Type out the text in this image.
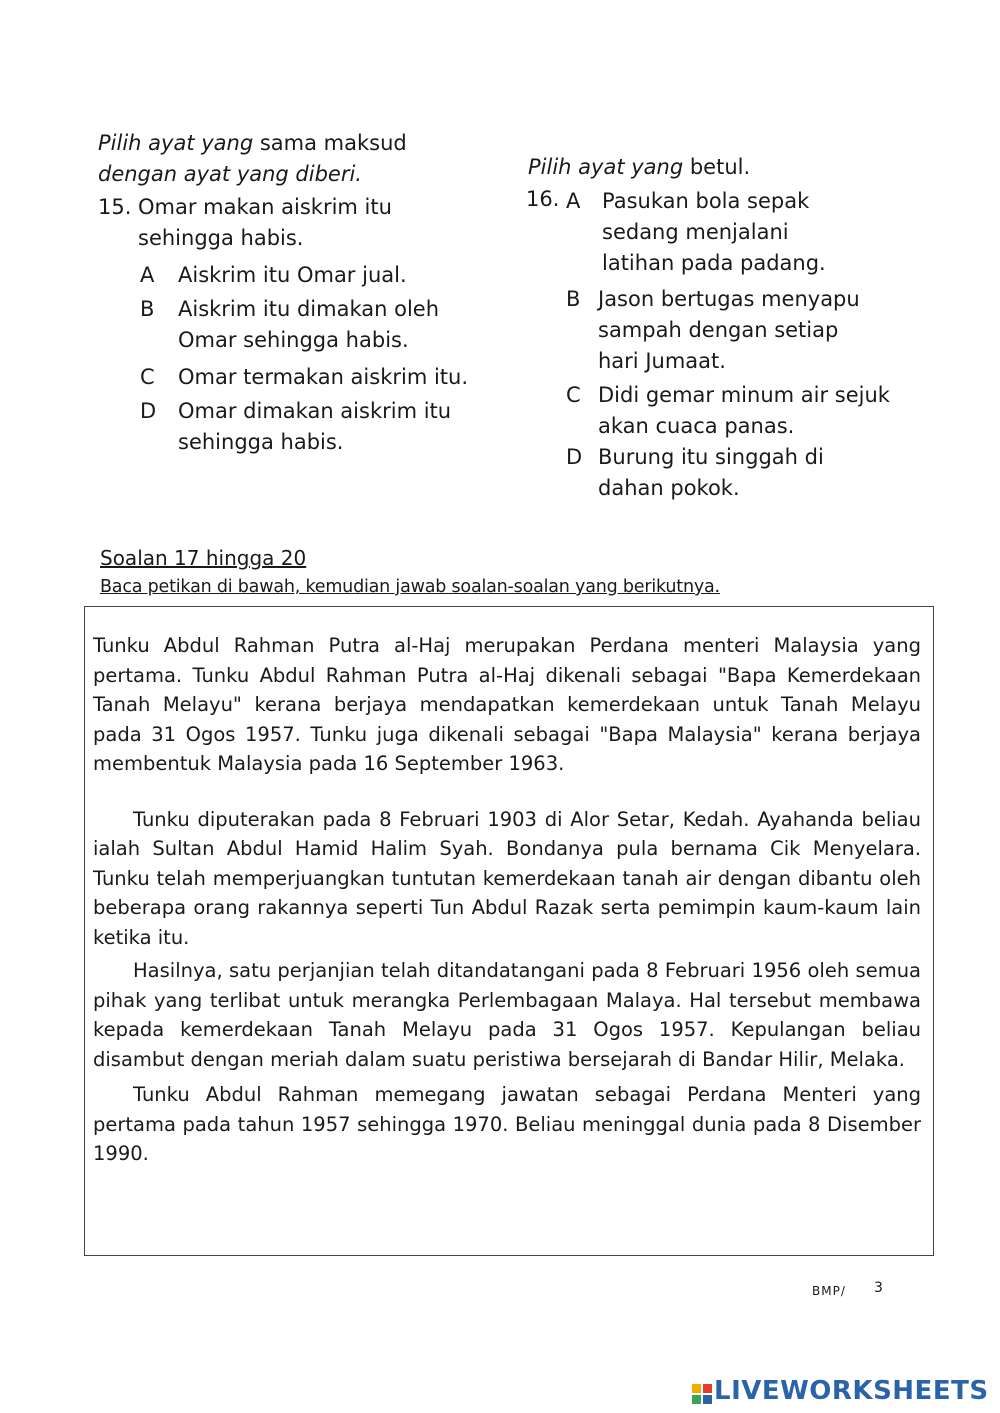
Pilih ayat yang sama maksud
dengan ayat yang diberi.
15. Omar makan aiskrim itu
sehingga habis.
A Aiskrim itu Omar jual.
B Aiskrim itu dimakan oleh
Omar sehingga habis.
C Omar termakan aiskrim itu.
D Omar dimakan aiskrim itu
sehingga habis.
Pilih ayat yang betul.
16. A Pasukan bola sepak
sedang menjalani
latihan pada padang.
B Jason bertugas menyapu
sampah dengan setiap
hari Jumaat.
C Didi gemar minum air sejuk
akan cuaca panas.
D Burung itu singgah di
dahan pokok.
Soalan 17 hingga 20
Baca petikan di bawah, kemudian jawab soalan-soalan yang berikutnya.

Tunku Abdul Rahman Putra al-Haj merupakan Perdana menteri Malaysia yang pertama. Tunku Abdul Rahman Putra al-Haj dikenali sebagai "Bapa Kemerdekaan Tanah Melayu" kerana berjaya mendapatkan kemerdekaan untuk Tanah Melayu pada 31 Ogos 1957. Tunku juga dikenali sebagai "Bapa Malaysia" kerana berjaya membentuk Malaysia pada 16 September 1963.

Tunku diputerakan pada 8 Februari 1903 di Alor Setar, Kedah. Ayahanda beliau ialah Sultan Abdul Hamid Halim Syah. Bondanya pula bernama Cik Menyelara. Tunku telah memperjuangkan tuntutan kemerdekaan tanah air dengan dibantu oleh beberapa orang rakannya seperti Tun Abdul Razak serta pemimpin kaum-kaum lain ketika itu.

Hasilnya, satu perjanjian telah ditandatangani pada 8 Februari 1956 oleh semua pihak yang terlibat untuk merangka Perlembagaan Malaya. Hal tersebut membawa kepada kemerdekaan Tanah Melayu pada 31 Ogos 1957. Kepulangan beliau disambut dengan meriah dalam suatu peristiwa bersejarah di Bandar Hilir, Melaka.

Tunku Abdul Rahman memegang jawatan sebagai Perdana Menteri yang pertama pada tahun 1957 sehingga 1970. Beliau meninggal dunia pada 8 Disember 1990.

BMP/ 3
LIVEWORKSHEETS
